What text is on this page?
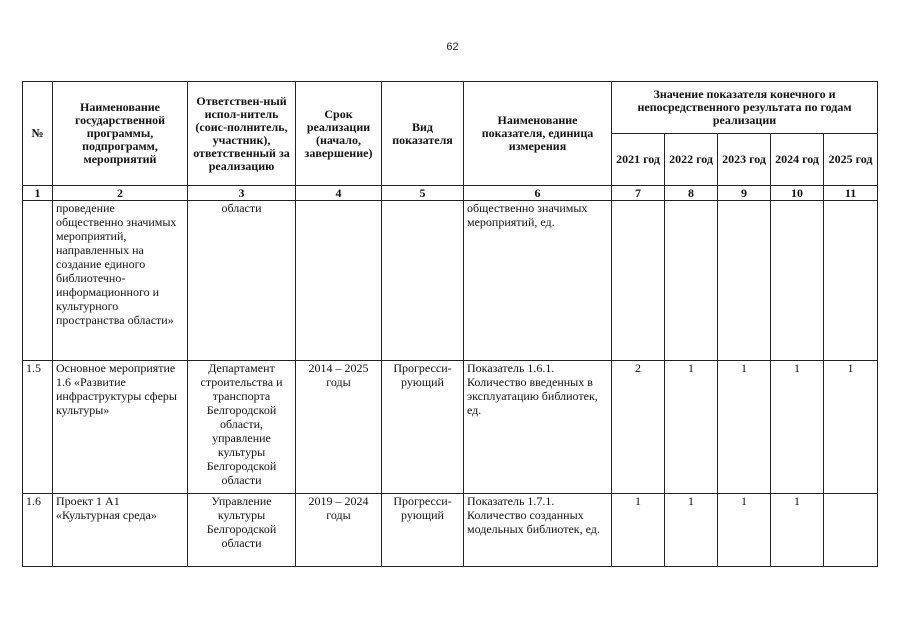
62
№	Наименование государственной программы, подпрограмм, мероприятий	Ответствен-ный испол-нитель (соис-полнитель, участник), ответственный за реализацию	Срок реализации (начало, завершение)	Вид показателя	Наименование показателя, единица измерения	Значение показателя конечного и непосредственного результата по годам реализации				
						2021 год	2022 год	2023 год	2024 год	2025 год
1	2	3	4	5	6	7	8	9	10	11
	проведение общественно значимых мероприятий, направленных на создание единого библиотечно-информационного и культурного пространства области»	области			общественно значимых мероприятий, ед.					
1.5	Основное мероприятие 1.6 «Развитие инфраструктуры сферы культуры»	Департамент строительства и транспорта Белгородской области, управление культуры Белгородской области	2014 – 2025 годы	Прогресси-рующий	Показатель 1.6.1. Количество введенных в эксплуатацию библиотек, ед.	2	1	1	1	1
1.6	Проект 1 А1 «Культурная среда»	Управление культуры Белгородской области	2019 – 2024 годы	Прогресси-рующий	Показатель 1.7.1. Количество созданных модельных библиотек, ед.	1	1	1	1	
